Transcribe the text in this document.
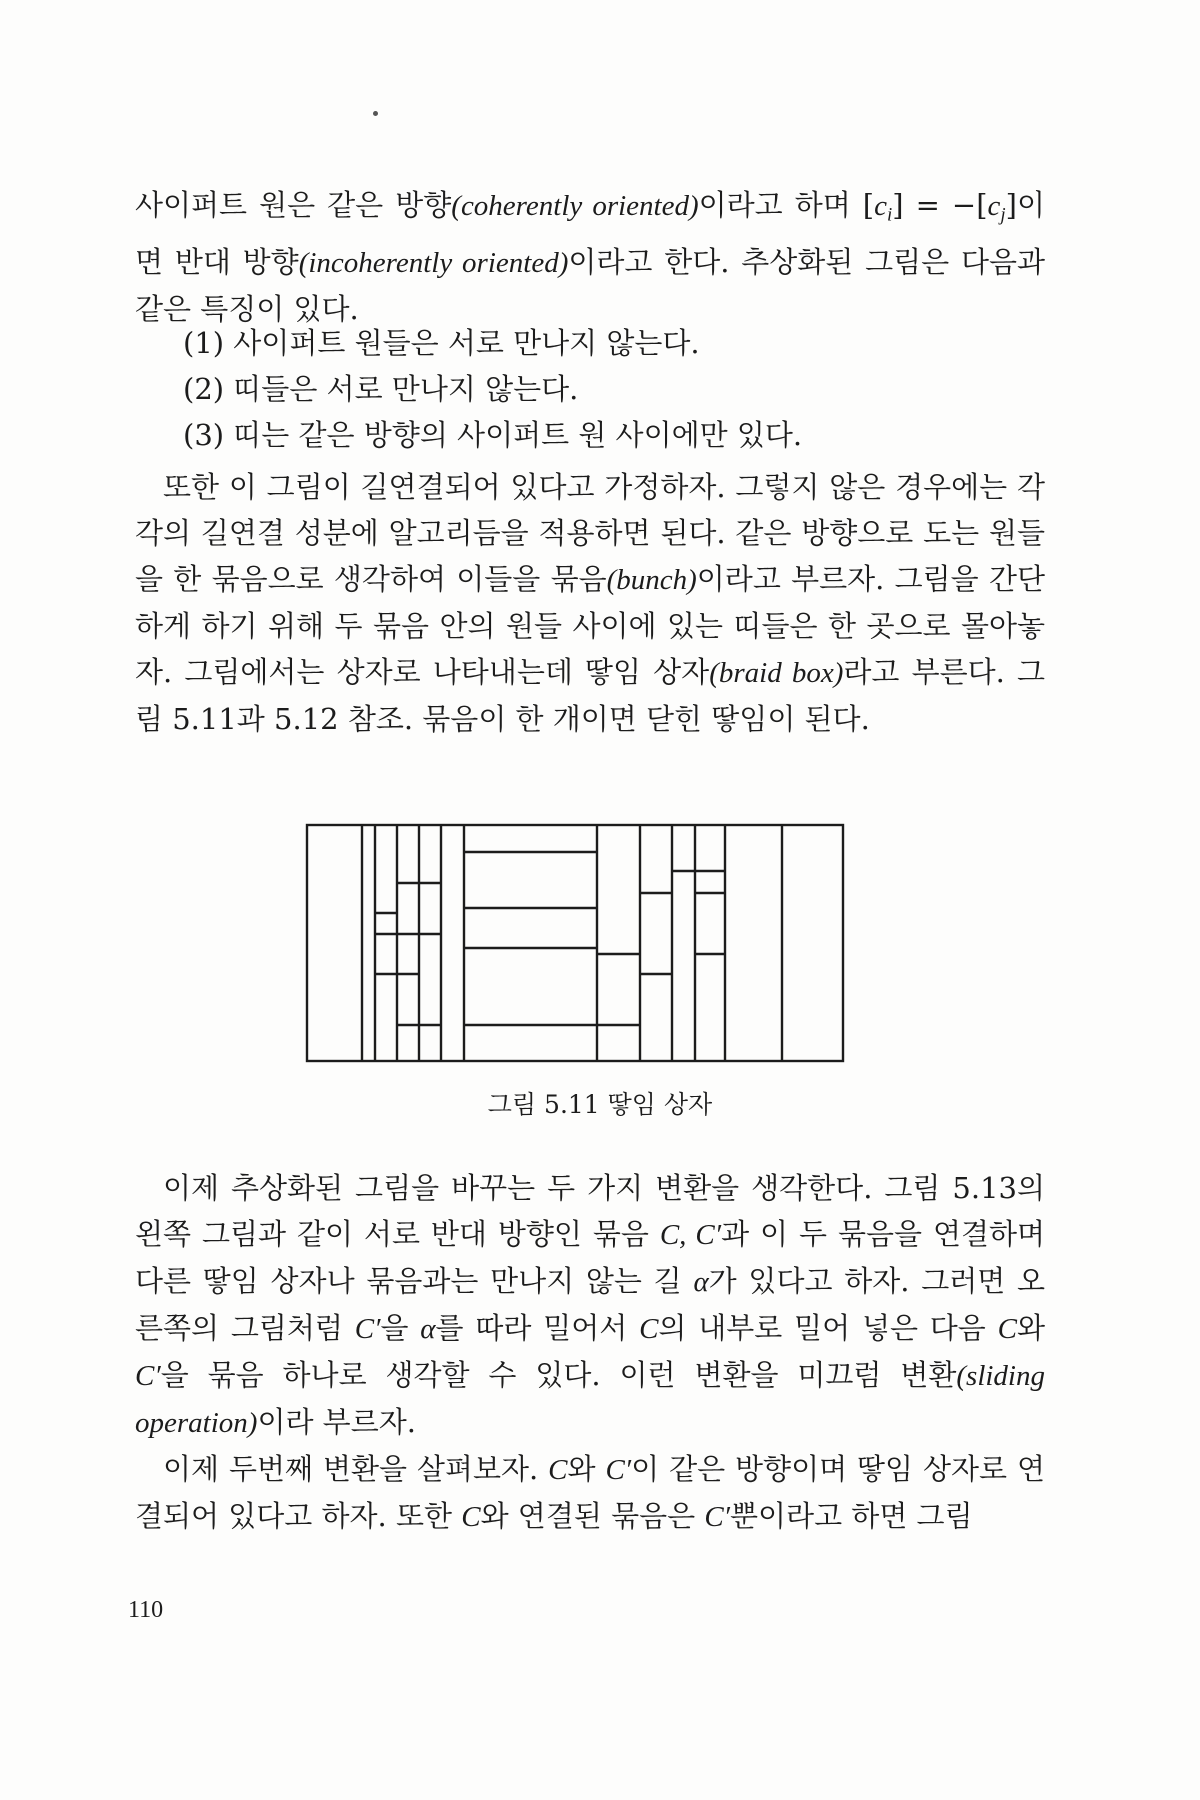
사이퍼트 원은 같은 방향(coherently oriented)이라고 하며 $[c_i] = -[c_j]$이면 반대 방향(incoherently oriented)이라고 한다. 추상화된 그림은 다음과 같은 특징이 있다.

(1) 사이퍼트 원들은 서로 만나지 않는다.
(2) 띠들은 서로 만나지 않는다.
(3) 띠는 같은 방향의 사이퍼트 원 사이에만 있다.

또한 이 그림이 길연결되어 있다고 가정하자. 그렇지 않은 경우에는 각각의 길연결 성분에 알고리듬을 적용하면 된다. 같은 방향으로 도는 원들을 한 묶음으로 생각하여 이들을 묶음(bunch)이라고 부르자. 그림을 간단하게 하기 위해 두 묶음 안의 원들 사이에 있는 띠들은 한 곳으로 몰아놓자. 그림에서는 상자로 나타내는데 땋임 상자(braid box)라고 부른다. 그림 5.11과 5.12 참조. 묶음이 한 개이면 닫힌 땋임이 된다.

그림 5.11 땋임 상자

이제 추상화된 그림을 바꾸는 두 가지 변환을 생각한다. 그림 5.13의 왼쪽 그림과 같이 서로 반대 방향인 묶음 C, C′과 이 두 묶음을 연결하며 다른 땋임 상자나 묶음과는 만나지 않는 길 α가 있다고 하자. 그러면 오른쪽의 그림처럼 C′을 α를 따라 밀어서 C의 내부로 밀어 넣은 다음 C와 C′을 묶음 하나로 생각할 수 있다. 이런 변환을 미끄럼 변환(sliding operation)이라 부르자.

이제 두번째 변환을 살펴보자. C와 C′이 같은 방향이며 땋임 상자로 연결되어 있다고 하자. 또한 C와 연결된 묶음은 C′뿐이라고 하면 그림

110
